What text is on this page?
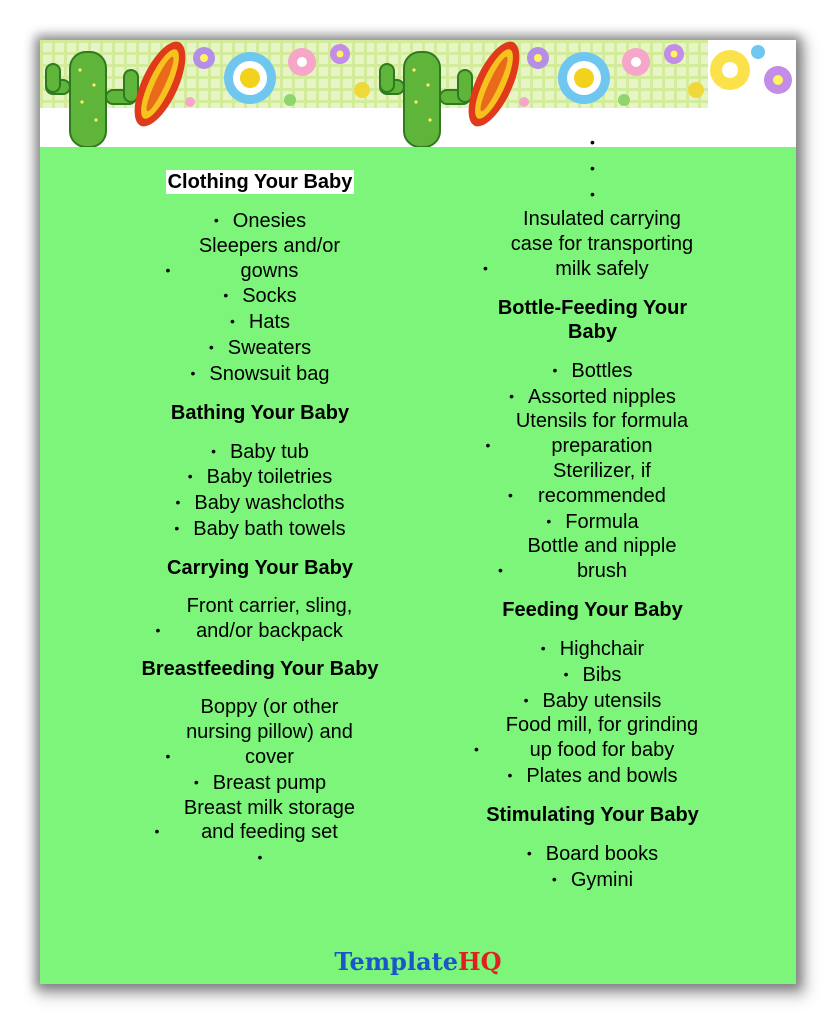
Clothing Your Baby
• Onesies
•Sleepers and/or gowns
• Socks
• Hats
• Sweaters
• Snowsuit bag
Bathing Your Baby
• Baby tub
• Baby toiletries
• Baby washcloths
• Baby bath towels
Carrying Your Baby
•Front carrier, sling, and/or backpack
Breastfeeding Your Baby
•Boppy (or other nursing pillow) and cover
• Breast pump
•Breast milk storage and feeding set
•
•
•
•
•Insulated carrying case for transporting milk safely
Bottle-Feeding Your Baby
• Bottles
• Assorted nipples
•Utensils for formula preparation
•Sterilizer, if recommended
• Formula
•Bottle and nipple brush
Feeding Your Baby
• Highchair
• Bibs
• Baby utensils
•Food mill, for grinding up food for baby
• Plates and bowls
Stimulating Your Baby
• Board books
• Gymini
TemplateHQ
